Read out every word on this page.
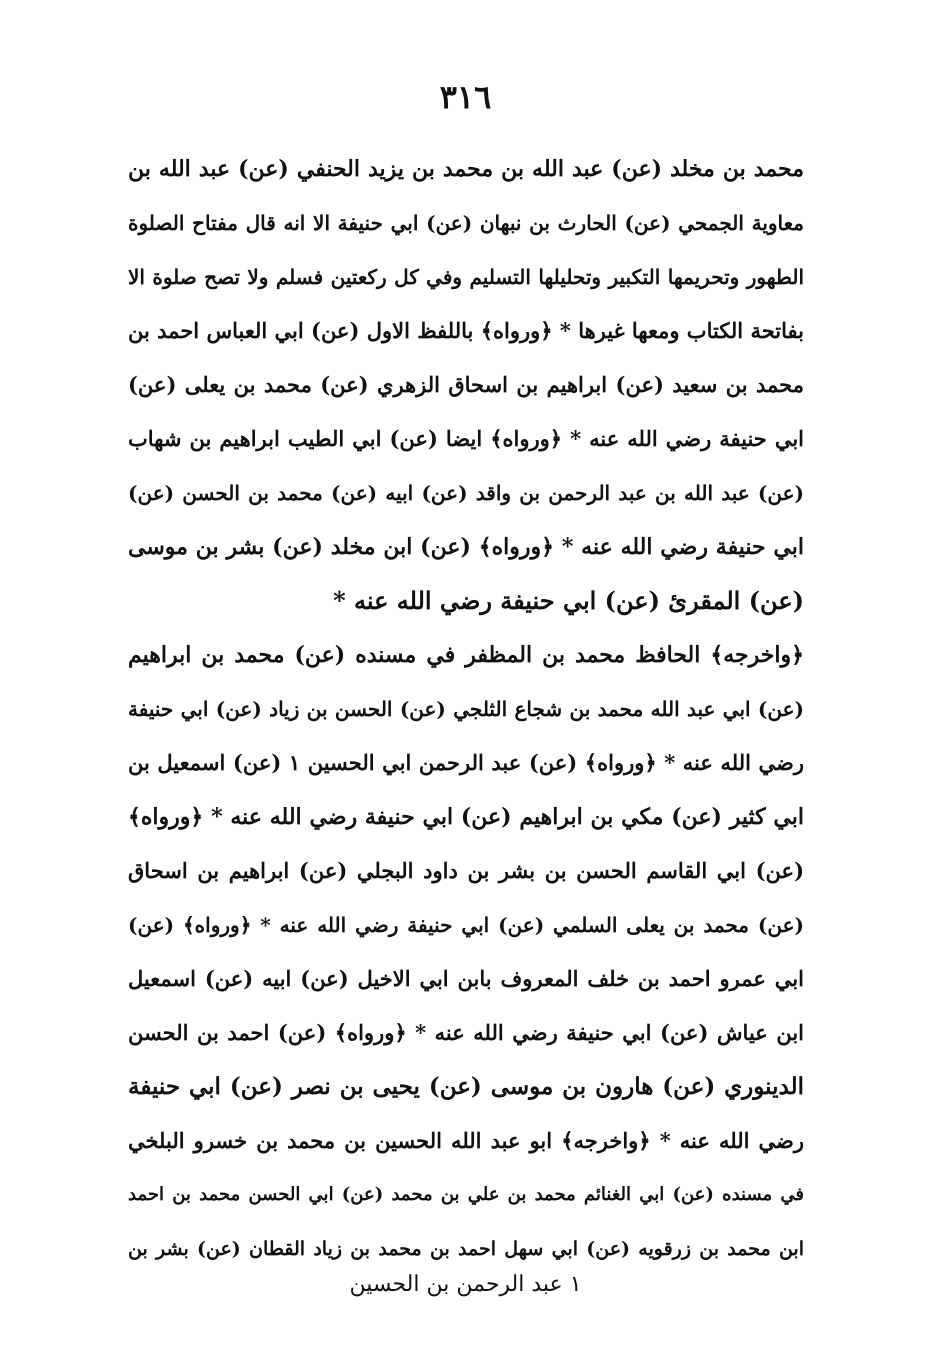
٣١٦
محمد بن مخلد (عن) عبد الله بن محمد بن يزيد الحنفي (عن) عبد الله بن
معاوية الجمحي (عن) الحارث بن نبهان (عن) ابي حنيفة الا انه قال مفتاح الصلوة
الطهور وتحريمها التكبير وتحليلها التسليم وفي كل ركعتين فسلم ولا تصح صلوة الا
بفاتحة الكتاب ومعها غيرها * ﴿ورواه﴾ باللفظ الاول (عن) ابي العباس احمد بن
محمد بن سعيد (عن) ابراهيم بن اسحاق الزهري (عن) محمد بن يعلى (عن)
ابي حنيفة رضي الله عنه * ﴿ورواه﴾ ايضا (عن) ابي الطيب ابراهيم بن شهاب
(عن) عبد الله بن عبد الرحمن بن واقد (عن) ابيه (عن) محمد بن الحسن (عن)
ابي حنيفة رضي الله عنه * ﴿ورواه﴾ (عن) ابن مخلد (عن) بشر بن موسى
(عن) المقرئ (عن) ابي حنيفة رضي الله عنه *
﴿واخرجه﴾ الحافظ محمد بن المظفر في مسنده (عن) محمد بن ابراهيم
(عن) ابي عبد الله محمد بن شجاع الثلجي (عن) الحسن بن زياد (عن) ابي حنيفة
رضي الله عنه * ﴿ورواه﴾ (عن) عبد الرحمن ابي الحسين ١ (عن) اسمعيل بن
ابي كثير (عن) مكي بن ابراهيم (عن) ابي حنيفة رضي الله عنه * ﴿ورواه﴾
(عن) ابي القاسم الحسن بن بشر بن داود البجلي (عن) ابراهيم بن اسحاق
(عن) محمد بن يعلى السلمي (عن) ابي حنيفة رضي الله عنه * ﴿ورواه﴾ (عن)
ابي عمرو احمد بن خلف المعروف بابن ابي الاخيل (عن) ابيه (عن) اسمعيل
ابن عياش (عن) ابي حنيفة رضي الله عنه * ﴿ورواه﴾ (عن) احمد بن الحسن
الدينوري (عن) هارون بن موسى (عن) يحيى بن نصر (عن) ابي حنيفة
رضي الله عنه * ﴿واخرجه﴾ ابو عبد الله الحسين بن محمد بن خسرو البلخي
في مسنده (عن) ابي الغنائم محمد بن علي بن محمد (عن) ابي الحسن محمد بن احمد
ابن محمد بن زرقويه (عن) ابي سهل احمد بن محمد بن زياد القطان (عن) بشر بن
١ عبد الرحمن بن الحسين
